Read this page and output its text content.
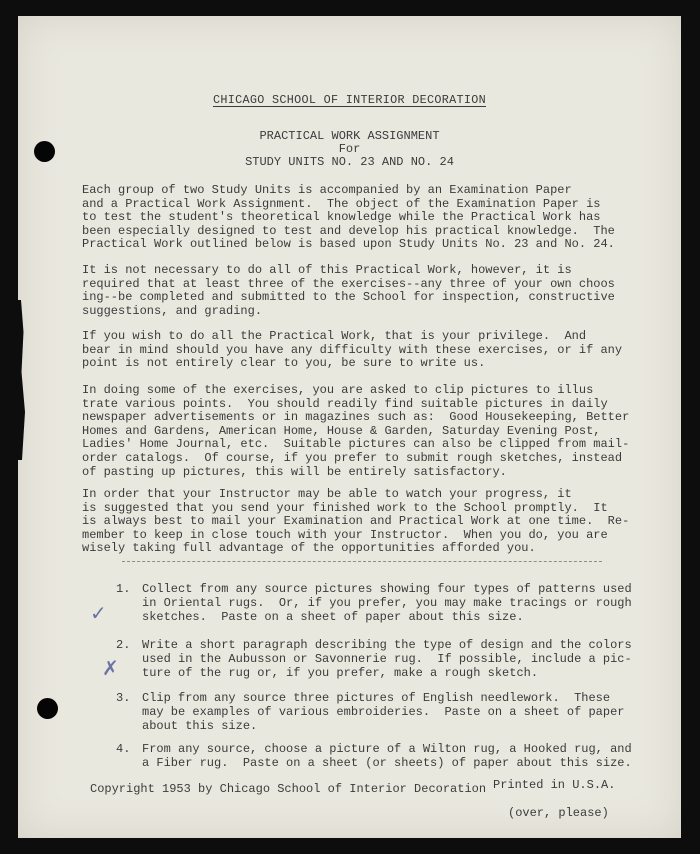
CHICAGO SCHOOL OF INTERIOR DECORATION
PRACTICAL WORK ASSIGNMENT
For
STUDY UNITS NO. 23 AND NO. 24
Each group of two Study Units is accompanied by an Examination Paper
and a Practical Work Assignment.  The object of the Examination Paper is
to test the student's theoretical knowledge while the Practical Work has
been especially designed to test and develop his practical knowledge.  The
Practical Work outlined below is based upon Study Units No. 23 and No. 24.
It is not necessary to do all of this Practical Work, however, it is
required that at least three of the exercises--any three of your own choos
ing--be completed and submitted to the School for inspection, constructive
suggestions, and grading.
If you wish to do all the Practical Work, that is your privilege.  And
bear in mind should you have any difficulty with these exercises, or if any
point is not entirely clear to you, be sure to write us.
In doing some of the exercises, you are asked to clip pictures to illus
trate various points.  You should readily find suitable pictures in daily
newspaper advertisements or in magazines such as:  Good Housekeeping, Better
Homes and Gardens, American Home, House & Garden, Saturday Evening Post,
Ladies' Home Journal, etc.  Suitable pictures can also be clipped from mail-
order catalogs.  Of course, if you prefer to submit rough sketches, instead
of pasting up pictures, this will be entirely satisfactory.
In order that your Instructor may be able to watch your progress, it
is suggested that you send your finished work to the School promptly.  It
is always best to mail your Examination and Practical Work at one time.  Re-
member to keep in close touch with your Instructor.  When you do, you are
wisely taking full advantage of the opportunities afforded you.
1. Collect from any source pictures showing four types of patterns used
in Oriental rugs.  Or, if you prefer, you may make tracings or rough
sketches.  Paste on a sheet of paper about this size.
2. Write a short paragraph describing the type of design and the colors
used in the Aubusson or Savonnerie rug.  If possible, include a pic-
ture of the rug or, if you prefer, make a rough sketch.
3. Clip from any source three pictures of English needlework.  These
may be examples of various embroideries.  Paste on a sheet of paper
about this size.
4. From any source, choose a picture of a Wilton rug, a Hooked rug, and
a Fiber rug.  Paste on a sheet (or sheets) of paper about this size.
✓
✗
Copyright 1953 by Chicago School of Interior Decoration Printed in U.S.A.
(over, please)
